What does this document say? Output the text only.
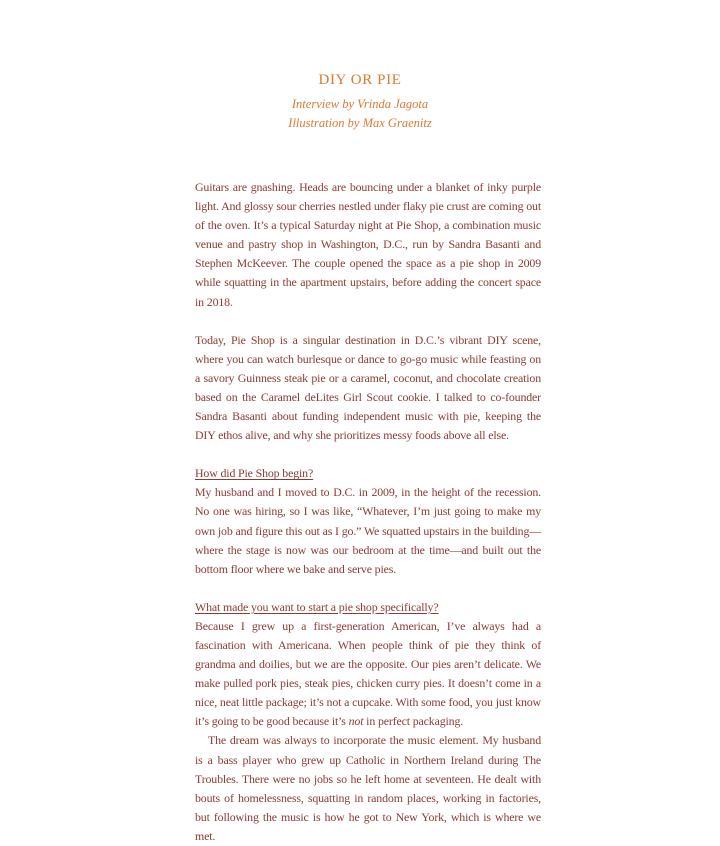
DIY OR PIE

Interview by Vrinda Jagota

Illustration by Max Graenitz

Guitars are gnashing. Heads are bouncing under a blanket of inky purple light. And glossy sour cherries nestled under flaky pie crust are coming out of the oven. It’s a typical Saturday night at Pie Shop, a combination music venue and pastry shop in Washington, D.C., run by Sandra Basanti and Stephen McKeever. The couple opened the space as a pie shop in 2009 while squatting in the apartment upstairs, before adding the concert space in 2018.

Today, Pie Shop is a singular destination in D.C.’s vibrant DIY scene, where you can watch burlesque or dance to go-go music while feasting on a savory Guinness steak pie or a caramel, coconut, and chocolate creation based on the Caramel deLites Girl Scout cookie. I talked to co-founder Sandra Basanti about funding independent music with pie, keeping the DIY ethos alive, and why she prioritizes messy foods above all else.

How did Pie Shop begin?
My husband and I moved to D.C. in 2009, in the height of the recession. No one was hiring, so I was like, “Whatever, I’m just going to make my own job and figure this out as I go.” We squatted upstairs in the building—where the stage is now was our bedroom at the time—and built out the bottom floor where we bake and serve pies.

What made you want to start a pie shop specifically?
Because I grew up a first-generation American, I’ve always had a fascination with Americana. When people think of pie they think of grandma and doilies, but we are the opposite. Our pies aren’t delicate. We make pulled pork pies, steak pies, chicken curry pies. It doesn’t come in a nice, neat little package; it’s not a cupcake. With some food, you just know it’s going to be good because it’s not in perfect packaging.

The dream was always to incorporate the music element. My husband is a bass player who grew up Catholic in Northern Ireland during The Troubles. There were no jobs so he left home at seventeen. He dealt with bouts of homelessness, squatting in random places, working in factories, but following the music is how he got to New York, which is where we met.
